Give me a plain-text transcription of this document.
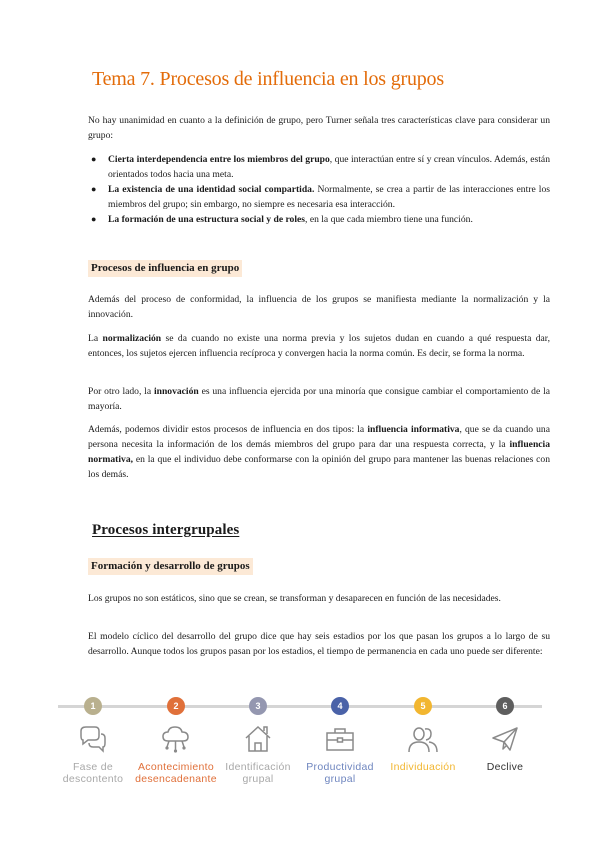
Tema 7. Procesos de influencia en los grupos

No hay unanimidad en cuanto a la definición de grupo, pero Turner señala tres características clave para considerar un grupo:

● Cierta interdependencia entre los miembros del grupo, que interactúan entre sí y crean vínculos. Además, están orientados todos hacia una meta.
● La existencia de una identidad social compartida. Normalmente, se crea a partir de las interacciones entre los miembros del grupo; sin embargo, no siempre es necesaria esa interacción.
● La formación de una estructura social y de roles, en la que cada miembro tiene una función.
Procesos de influencia en grupo

Además del proceso de conformidad, la influencia de los grupos se manifiesta mediante la normalización y la innovación.

La normalización se da cuando no existe una norma previa y los sujetos dudan en cuando a qué respuesta dar, entonces, los sujetos ejercen influencia recíproca y convergen hacia la norma común. Es decir, se forma la norma.

Por otro lado, la innovación es una influencia ejercida por una minoría que consigue cambiar el comportamiento de la mayoría.

Además, podemos dividir estos procesos de influencia en dos tipos: la influencia informativa, que se da cuando una persona necesita la información de los demás miembros del grupo para dar una respuesta correcta, y la influencia normativa, en la que el individuo debe conformarse con la opinión del grupo para mantener las buenas relaciones con los demás.

Procesos intergrupales
Formación y desarrollo de grupos

Los grupos no son estáticos, sino que se crean, se transforman y desaparecen en función de las necesidades.

El modelo cíclico del desarrollo del grupo dice que hay seis estadios por los que pasan los grupos a lo largo de su desarrollo. Aunque todos los grupos pasan por los estadios, el tiempo de permanencia en cada uno puede ser diferente:

1
Fase de
descontento
2
Acontecimiento
desencadenante
3
Identificación
grupal
4
Productividad
grupal
5
Individuación
6
Declive
